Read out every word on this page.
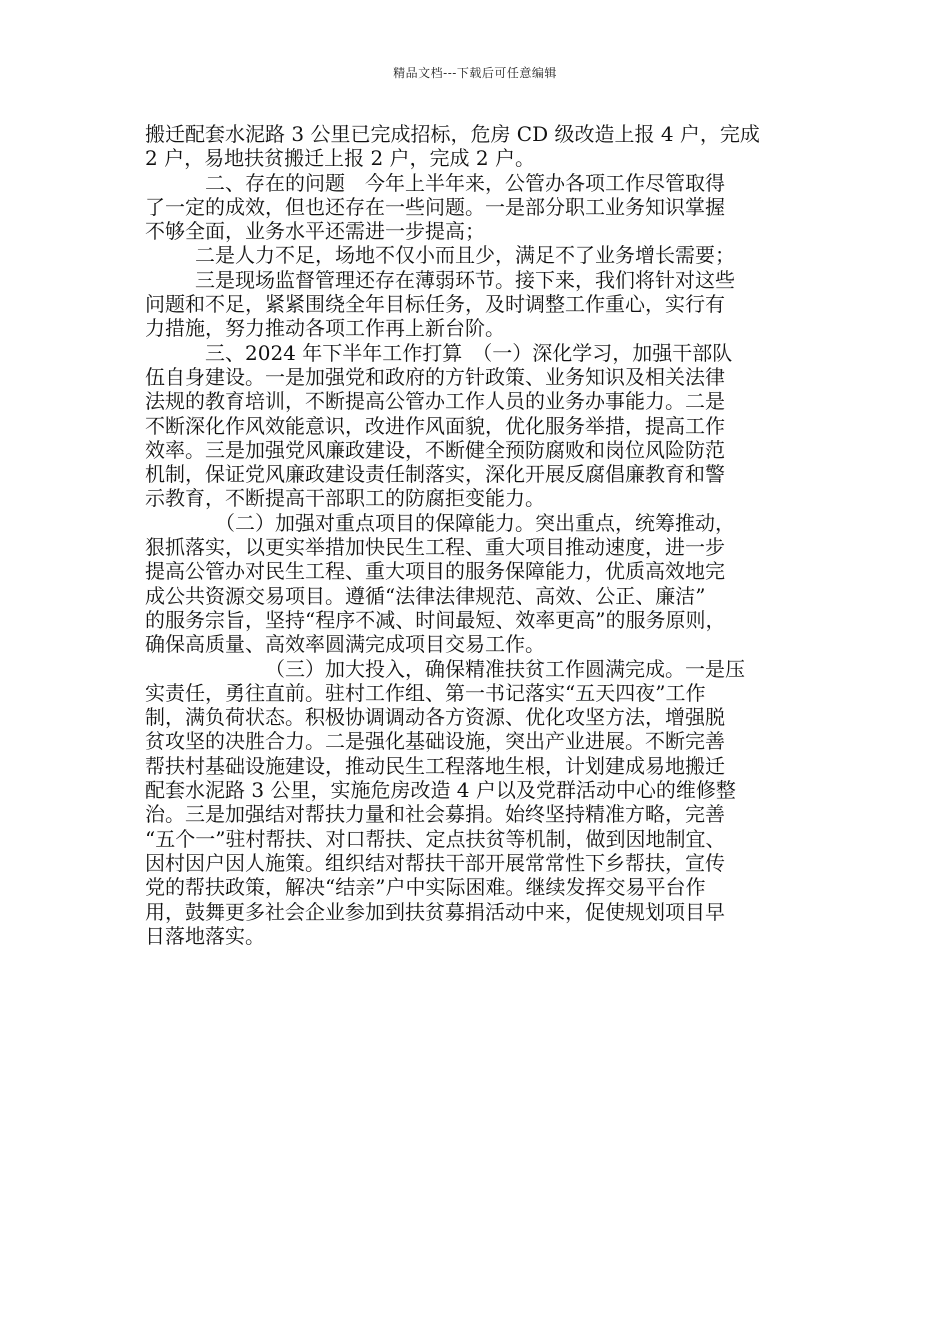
精品文档---下载后可任意编辑
搬迁配套水泥路 3 公里已完成招标，危房 CD 级改造上报 4 户，完成
2 户，易地扶贫搬迁上报 2 户，完成 2 户。
二、存在的问题　今年上半年来，公管办各项工作尽管取得
了一定的成效，但也还存在一些问题。一是部分职工业务知识掌握
不够全面，业务水平还需进一步提高；
二是人力不足，场地不仅小而且少，满足不了业务增长需要；
三是现场监督管理还存在薄弱环节。接下来，我们将针对这些
问题和不足，紧紧围绕全年目标任务，及时调整工作重心，实行有
力措施，努力推动各项工作再上新台阶。
三、2024 年下半年工作打算　（一）深化学习，加强干部队
伍自身建设。一是加强党和政府的方针政策、业务知识及相关法律
法规的教育培训，不断提高公管办工作人员的业务办事能力。二是
不断深化作风效能意识，改进作风面貌，优化服务举措，提高工作
效率。三是加强党风廉政建设，不断健全预防腐败和岗位风险防范
机制，保证党风廉政建设责任制落实，深化开展反腐倡廉教育和警
示教育，不断提高干部职工的防腐拒变能力。
（二）加强对重点项目的保障能力。突出重点，统筹推动，
狠抓落实，以更实举措加快民生工程、重大项目推动速度，进一步
提高公管办对民生工程、重大项目的服务保障能力，优质高效地完
成公共资源交易项目。遵循“法律法律规范、高效、公正、廉洁”
的服务宗旨，坚持“程序不减、时间最短、效率更高”的服务原则，
确保高质量、高效率圆满完成项目交易工作。
（三）加大投入，确保精准扶贫工作圆满完成。一是压
实责任，勇往直前。驻村工作组、第一书记落实“五天四夜”工作
制，满负荷状态。积极协调调动各方资源、优化攻坚方法，增强脱
贫攻坚的决胜合力。二是强化基础设施，突出产业进展。不断完善
帮扶村基础设施建设，推动民生工程落地生根，计划建成易地搬迁
配套水泥路 3 公里，实施危房改造 4 户以及党群活动中心的维修整
治。三是加强结对帮扶力量和社会募捐。始终坚持精准方略，完善
“五个一”驻村帮扶、对口帮扶、定点扶贫等机制，做到因地制宜、
因村因户因人施策。组织结对帮扶干部开展常常性下乡帮扶，宣传
党的帮扶政策，解决“结亲”户中实际困难。继续发挥交易平台作
用，鼓舞更多社会企业参加到扶贫募捐活动中来，促使规划项目早
日落地落实。
